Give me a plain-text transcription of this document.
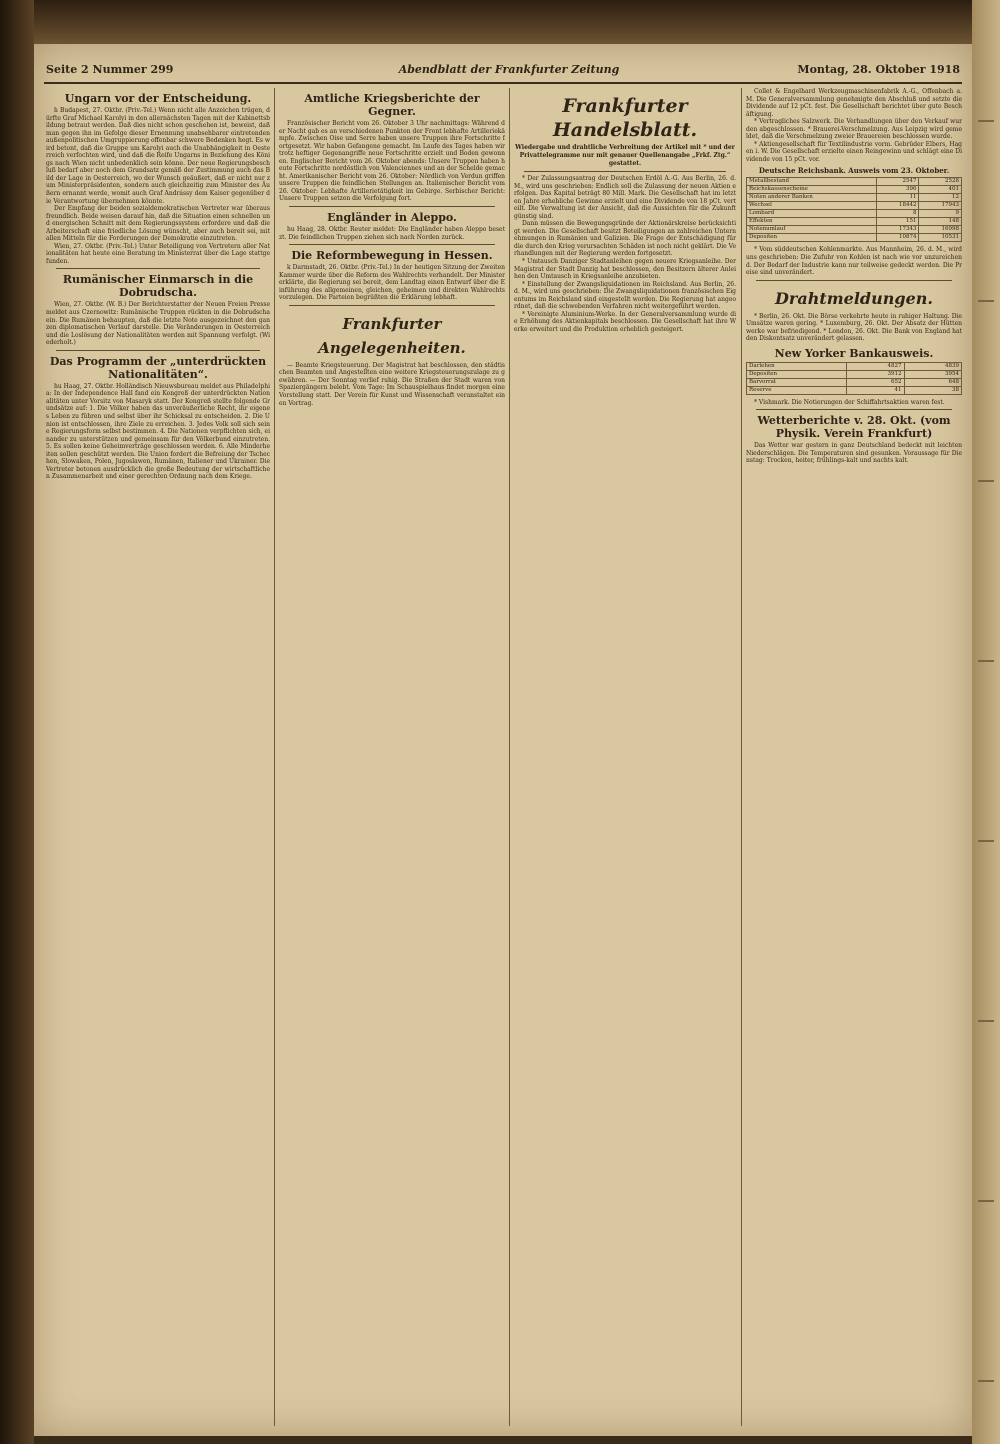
Seite 2 Nummer 299	Abendblatt der Frankfurter Zeitung	Montag, 28. Oktober 1918
Ungarn vor der Entscheidung.

h Budapest, 27. Oktbr. (Priv.-Tel.) Wenn nicht alle Anzeichen trügen, dürfte Graf Michael Karolyi in den allernächsten Tagen mit der Kabinettsbildung betraut werden. Daß dies nicht schon geschehen ist, beweist, daß man gegen ihn im Gefolge dieser Ernennung unabsehbarer eintretenden außenpolitischen Umgruppierung offenbar schwere Bedenken hegt. Es wird betont, daß die Gruppe um Karolyi auch die Unabhängigkeit in Oesterreich verfochten wird, und daß die Reife Ungarns in Beziehung des Königs nach Wien nicht unbedenklich sein könne. Der neue Regierungsbeschluß bedarf aber noch dem Grundsatz gemäß der Zustimmung auch das Bild der Lage in Oesterreich, wo der Wunsch geäußert, daß er nicht nur zum Ministerpräsidenten, sondern auch gleichzeitig zum Minister des Äußern ernannt werde, womit auch Graf Andrássy dem Kaiser gegenüber die Verantwortung übernehmen könnte.

Der Empfang der beiden sozialdemokratischen Vertreter war überaus freundlich. Beide weisen darauf hin, daß die Situation einen schnellen und energischen Schnitt mit dem Regierungssystem erfordere und daß die Arbeiterschaft eine friedliche Lösung wünscht, aber auch bereit sei, mit allen Mitteln für die Forderungen der Demokratie einzutreten.

Wien, 27. Oktbr. (Priv.-Tel.) Unter Beteiligung von Vertretern aller Nationalitäten hat heute eine Beratung im Ministerrat über die Lage stattgefunden.

Rumänischer Einmarsch in die Dobrudscha.

Wien, 27. Oktbr. (W. B.) Der Berichterstatter der Neuen Freien Presse meldet aus Czernowitz: Rumänische Truppen rückten in die Dobrudscha ein. Die Rumänen behaupten, daß die letzte Note ausgezeichnet den ganzen diplomatischen Verlauf darstelle. Die Veränderungen in Oesterreich und die Loslösung der Nationalitäten werden mit Spannung verfolgt. (Wiederholt.)

Das Programm der „unterdrückten Nationalitäten“.

hu Haag, 27. Oktbr. Holländisch Nieuwsbureau meldet aus Philadelphia: In der Independence Hall fand ein Kongreß der unterdrückten Nationalitäten unter Vorsitz von Masaryk statt. Der Kongreß stellte folgende Grundsätze auf: 1. Die Völker haben das unveräußerliche Recht, ihr eigenes Leben zu führen und selbst über ihr Schicksal zu entscheiden. 2. Die Union ist entschlossen, ihre Ziele zu erreichen. 3. Jedes Volk soll sich seine Regierungsform selbst bestimmen. 4. Die Nationen verpflichten sich, einander zu unterstützen und gemeinsam für den Völkerbund einzutreten. 5. Es sollen keine Geheimverträge geschlossen werden. 6. Alle Minderheiten sollen geschützt werden. Die Union fordert die Befreiung der Tschechen, Slowaken, Polen, Jugoslawen, Rumänen, Italiener und Ukrainer. Die Vertreter betonen ausdrücklich die große Bedeutung der wirtschaftlichen Zusammenarbeit und einer gerechten Ordnung nach dem Kriege.

Amtliche Kriegsberichte der Gegner.

Französischer Bericht vom 26. Oktober 3 Uhr nachmittags: Während der Nacht gab es an verschiedenen Punkten der Front lebhafte Artilleriekämpfe. Zwischen Oise und Serre haben unsere Truppen ihre Fortschritte fortgesetzt. Wir haben Gefangene gemacht. Im Laufe des Tages haben wir trotz heftiger Gegenangriffe neue Fortschritte erzielt und Boden gewonnen. Englischer Bericht vom 26. Oktober abends: Unsere Truppen haben heute Fortschritte nordöstlich von Valenciennes und an der Schelde gemacht. Amerikanischer Bericht vom 26. Oktober: Nördlich von Verdun griffen unsere Truppen die feindlichen Stellungen an. Italienischer Bericht vom 26. Oktober: Lebhafte Artillerietätigkeit im Gebirge. Serbischer Bericht: Unsere Truppen setzen die Verfolgung fort.

Engländer in Aleppo.

hu Haag, 28. Oktbr. Reuter meldet: Die Engländer haben Aleppo besetzt. Die feindlichen Truppen ziehen sich nach Norden zurück.

Die Reformbewegung in Hessen.

k Darmstadt, 26. Oktbr. (Priv.-Tel.) In der heutigen Sitzung der Zweiten Kammer wurde über die Reform des Wahlrechts verhandelt. Der Minister erklärte, die Regierung sei bereit, dem Landtag einen Entwurf über die Einführung des allgemeinen, gleichen, geheimen und direkten Wahlrechts vorzulegen. Die Parteien begrüßten die Erklärung lebhaft.

Frankfurter Angelegenheiten.

— Beamte Kriegsteuerung. Der Magistrat hat beschlossen, den städtischen Beamten und Angestellten eine weitere Kriegsteuerungszulage zu gewähren. — Der Sonntag verlief ruhig. Die Straßen der Stadt waren von Spaziergängern belebt. Vom Tage: Im Schauspielhaus findet morgen eine Vorstellung statt. Der Verein für Kunst und Wissenschaft veranstaltet einen Vortrag.

Frankfurter Handelsblatt.
Wiedergabe und drahtliche Verbreitung der Artikel mit * und der Privattelegramme nur mit genauer Quellenangabe „Frkf. Ztg.“ gestattet.

* Der Zulassungsantrag der Deutschen Erdöl A.-G. Aus Berlin, 26. d. M., wird uns geschrieben: Endlich soll die Zulassung der neuen Aktien erfolgen. Das Kapital beträgt 80 Mill. Mark. Die Gesellschaft hat im letzten Jahre erhebliche Gewinne erzielt und eine Dividende von 18 pCt. verteilt. Die Verwaltung ist der Ansicht, daß die Aussichten für die Zukunft günstig sind.

Dann müssen die Bewegungsgründe der Aktionärskreise berücksichtigt werden. Die Gesellschaft besitzt Beteiligungen an zahlreichen Unternehmungen in Rumänien und Galizien. Die Frage der Entschädigung für die durch den Krieg verursachten Schäden ist noch nicht geklärt. Die Verhandlungen mit der Regierung werden fortgesetzt.

* Umtausch Danziger Stadtanleihen gegen neuere Kriegsanleihe. Der Magistrat der Stadt Danzig hat beschlossen, den Besitzern älterer Anleihen den Umtausch in Kriegsanleihe anzubieten.

* Einstellung der Zwangsliquidationen im Reichsland. Aus Berlin, 26. d. M., wird uns geschrieben: Die Zwangsliquidationen französischen Eigentums im Reichsland sind eingestellt worden. Die Regierung hat angeordnet, daß die schwebenden Verfahren nicht weitergeführt werden.

* Vereinigte Aluminium-Werke. In der Generalversammlung wurde die Erhöhung des Aktienkapitals beschlossen. Die Gesellschaft hat ihre Werke erweitert und die Produktion erheblich gesteigert.

Collet & Engelhard Werkzeugmaschinenfabrik A.-G., Offenbach a. M. Die Generalversammlung genehmigte den Abschluß und setzte die Dividende auf 12 pCt. fest. Die Gesellschaft berichtet über gute Beschäftigung.

* Vertragliches Salzwerk. Die Verhandlungen über den Verkauf wurden abgeschlossen. * Brauerei-Verschmelzung. Aus Leipzig wird gemeldet, daß die Verschmelzung zweier Brauereien beschlossen wurde.

* Aktiengesellschaft für Textilindustrie vorm. Gebrüder Elbers, Hagen i. W. Die Gesellschaft erzielte einen Reingewinn und schlägt eine Dividende von 15 pCt. vor.

Deutsche Reichsbank. Ausweis vom 23. Oktober.
Metallbestand	2547	2528
Reichskassenscheine	396	401
Noten anderer Banken	11	12
Wechsel	18442	17943
Lombard	8	9
Effekten	151	148
Notenumlauf	17343	16998
Depositen	10874	10531

* Vom süddeutschen Kohlenmarkte. Aus Mannheim, 26. d. M., wird uns geschrieben: Die Zufuhr von Kohlen ist nach wie vor unzureichend. Der Bedarf der Industrie kann nur teilweise gedeckt werden. Die Preise sind unverändert.

Drahtmeldungen.

* Berlin, 26. Okt. Die Börse verkehrte heute in ruhiger Haltung. Die Umsätze waren gering. * Luxemburg, 26. Okt. Der Absatz der Hüttenwerke war befriedigend. * London, 26. Okt. Die Bank von England hat den Diskontsatz unverändert gelassen.

New Yorker Bankausweis.
Darlehen	4827	4839
Depositen	3912	3954
Barvorrat	652	648
Reserve	41	38

* Vishmark. Die Notierungen der Schiffahrtsaktien waren fest.

Wetterberichte v. 28. Okt. (vom Physik. Verein Frankfurt)

Das Wetter war gestern in ganz Deutschland bedeckt mit leichten Niederschlägen. Die Temperaturen sind gesunken. Voraussage für Dienstag: Trocken, heiter, frühlings-kalt und nachts kalt.
